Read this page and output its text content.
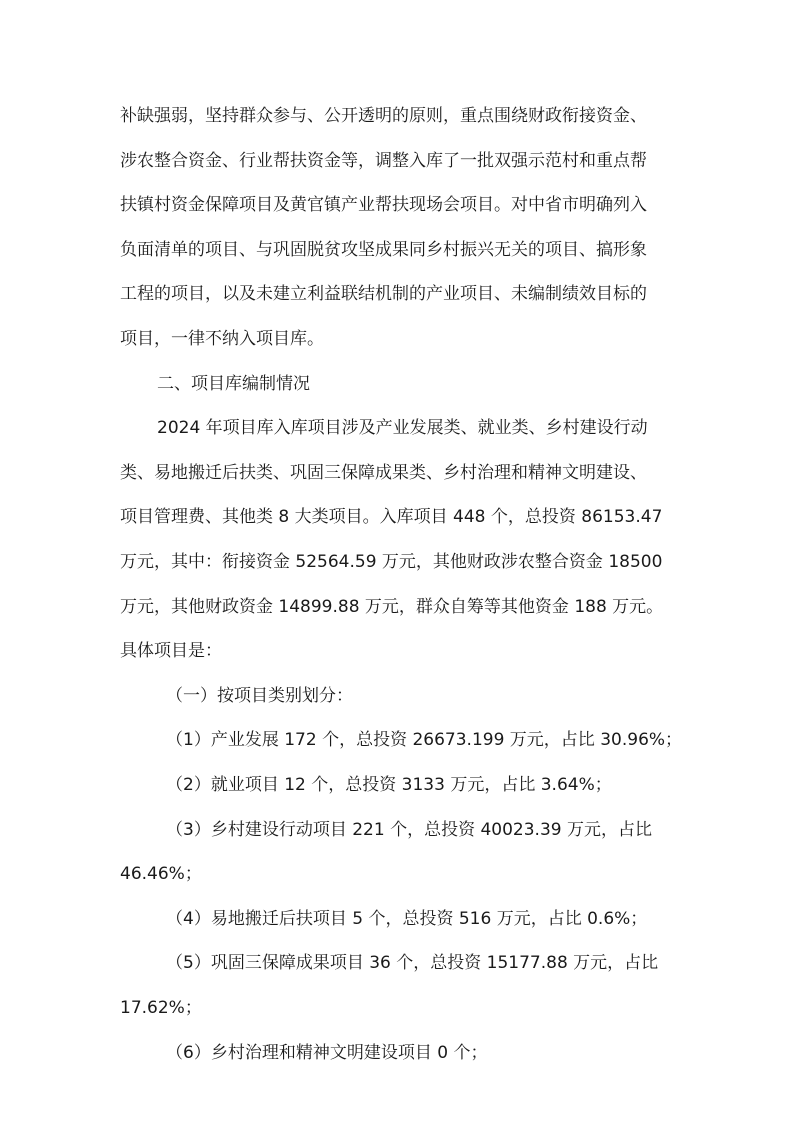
补缺强弱，坚持群众参与、公开透明的原则，重点围绕财政衔接资金、

涉农整合资金、行业帮扶资金等，调整入库了一批双强示范村和重点帮

扶镇村资金保障项目及黄官镇产业帮扶现场会项目。对中省市明确列入

负面清单的项目、与巩固脱贫攻坚成果同乡村振兴无关的项目、搞形象

工程的项目，以及未建立利益联结机制的产业项目、未编制绩效目标的

项目，一律不纳入项目库。

二、项目库编制情况

2024 年项目库入库项目涉及产业发展类、就业类、乡村建设行动

类、易地搬迁后扶类、巩固三保障成果类、乡村治理和精神文明建设、

项目管理费、其他类 8 大类项目。入库项目 448 个，总投资 86153.47

万元，其中：衔接资金 52564.59 万元，其他财政涉农整合资金 18500

万元，其他财政资金 14899.88 万元，群众自筹等其他资金 188 万元。

具体项目是：

（一）按项目类别划分：

（1）产业发展 172 个，总投资 26673.199 万元，占比 30.96%；

（2）就业项目 12 个，总投资 3133 万元，占比 3.64%；

（3）乡村建设行动项目 221 个，总投资 40023.39 万元，占比

46.46%；

（4）易地搬迁后扶项目 5 个，总投资 516 万元，占比 0.6%；

（5）巩固三保障成果项目 36 个，总投资 15177.88 万元，占比

17.62%；

（6）乡村治理和精神文明建设项目 0 个；
